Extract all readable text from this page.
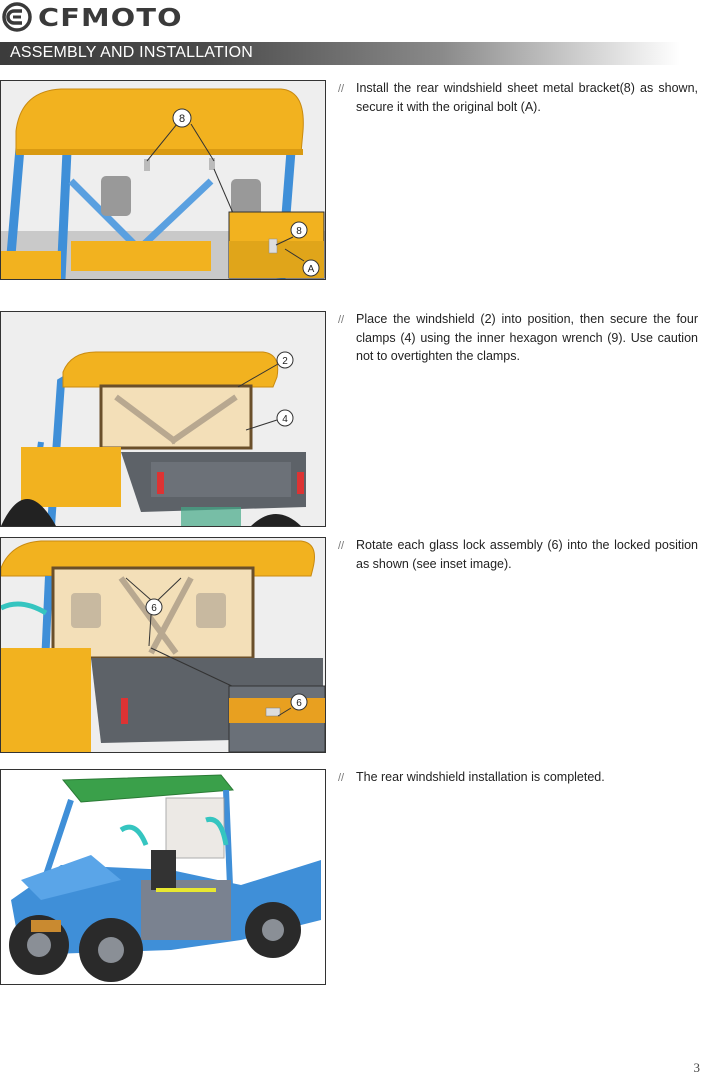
CFMOTO
ASSEMBLY AND INSTALLATION
8
8
A
// Install the rear windshield sheet metal bracket(8) as shown, secure it with the original bolt (A).
2
4
// Place the windshield (2) into position, then secure the four clamps (4) using the inner hexagon wrench (9). Use caution not to overtighten the clamps.
6
6
// Rotate each glass lock assembly (6) into the locked position as shown (see inset image).
// The rear windshield installation is completed.
3
